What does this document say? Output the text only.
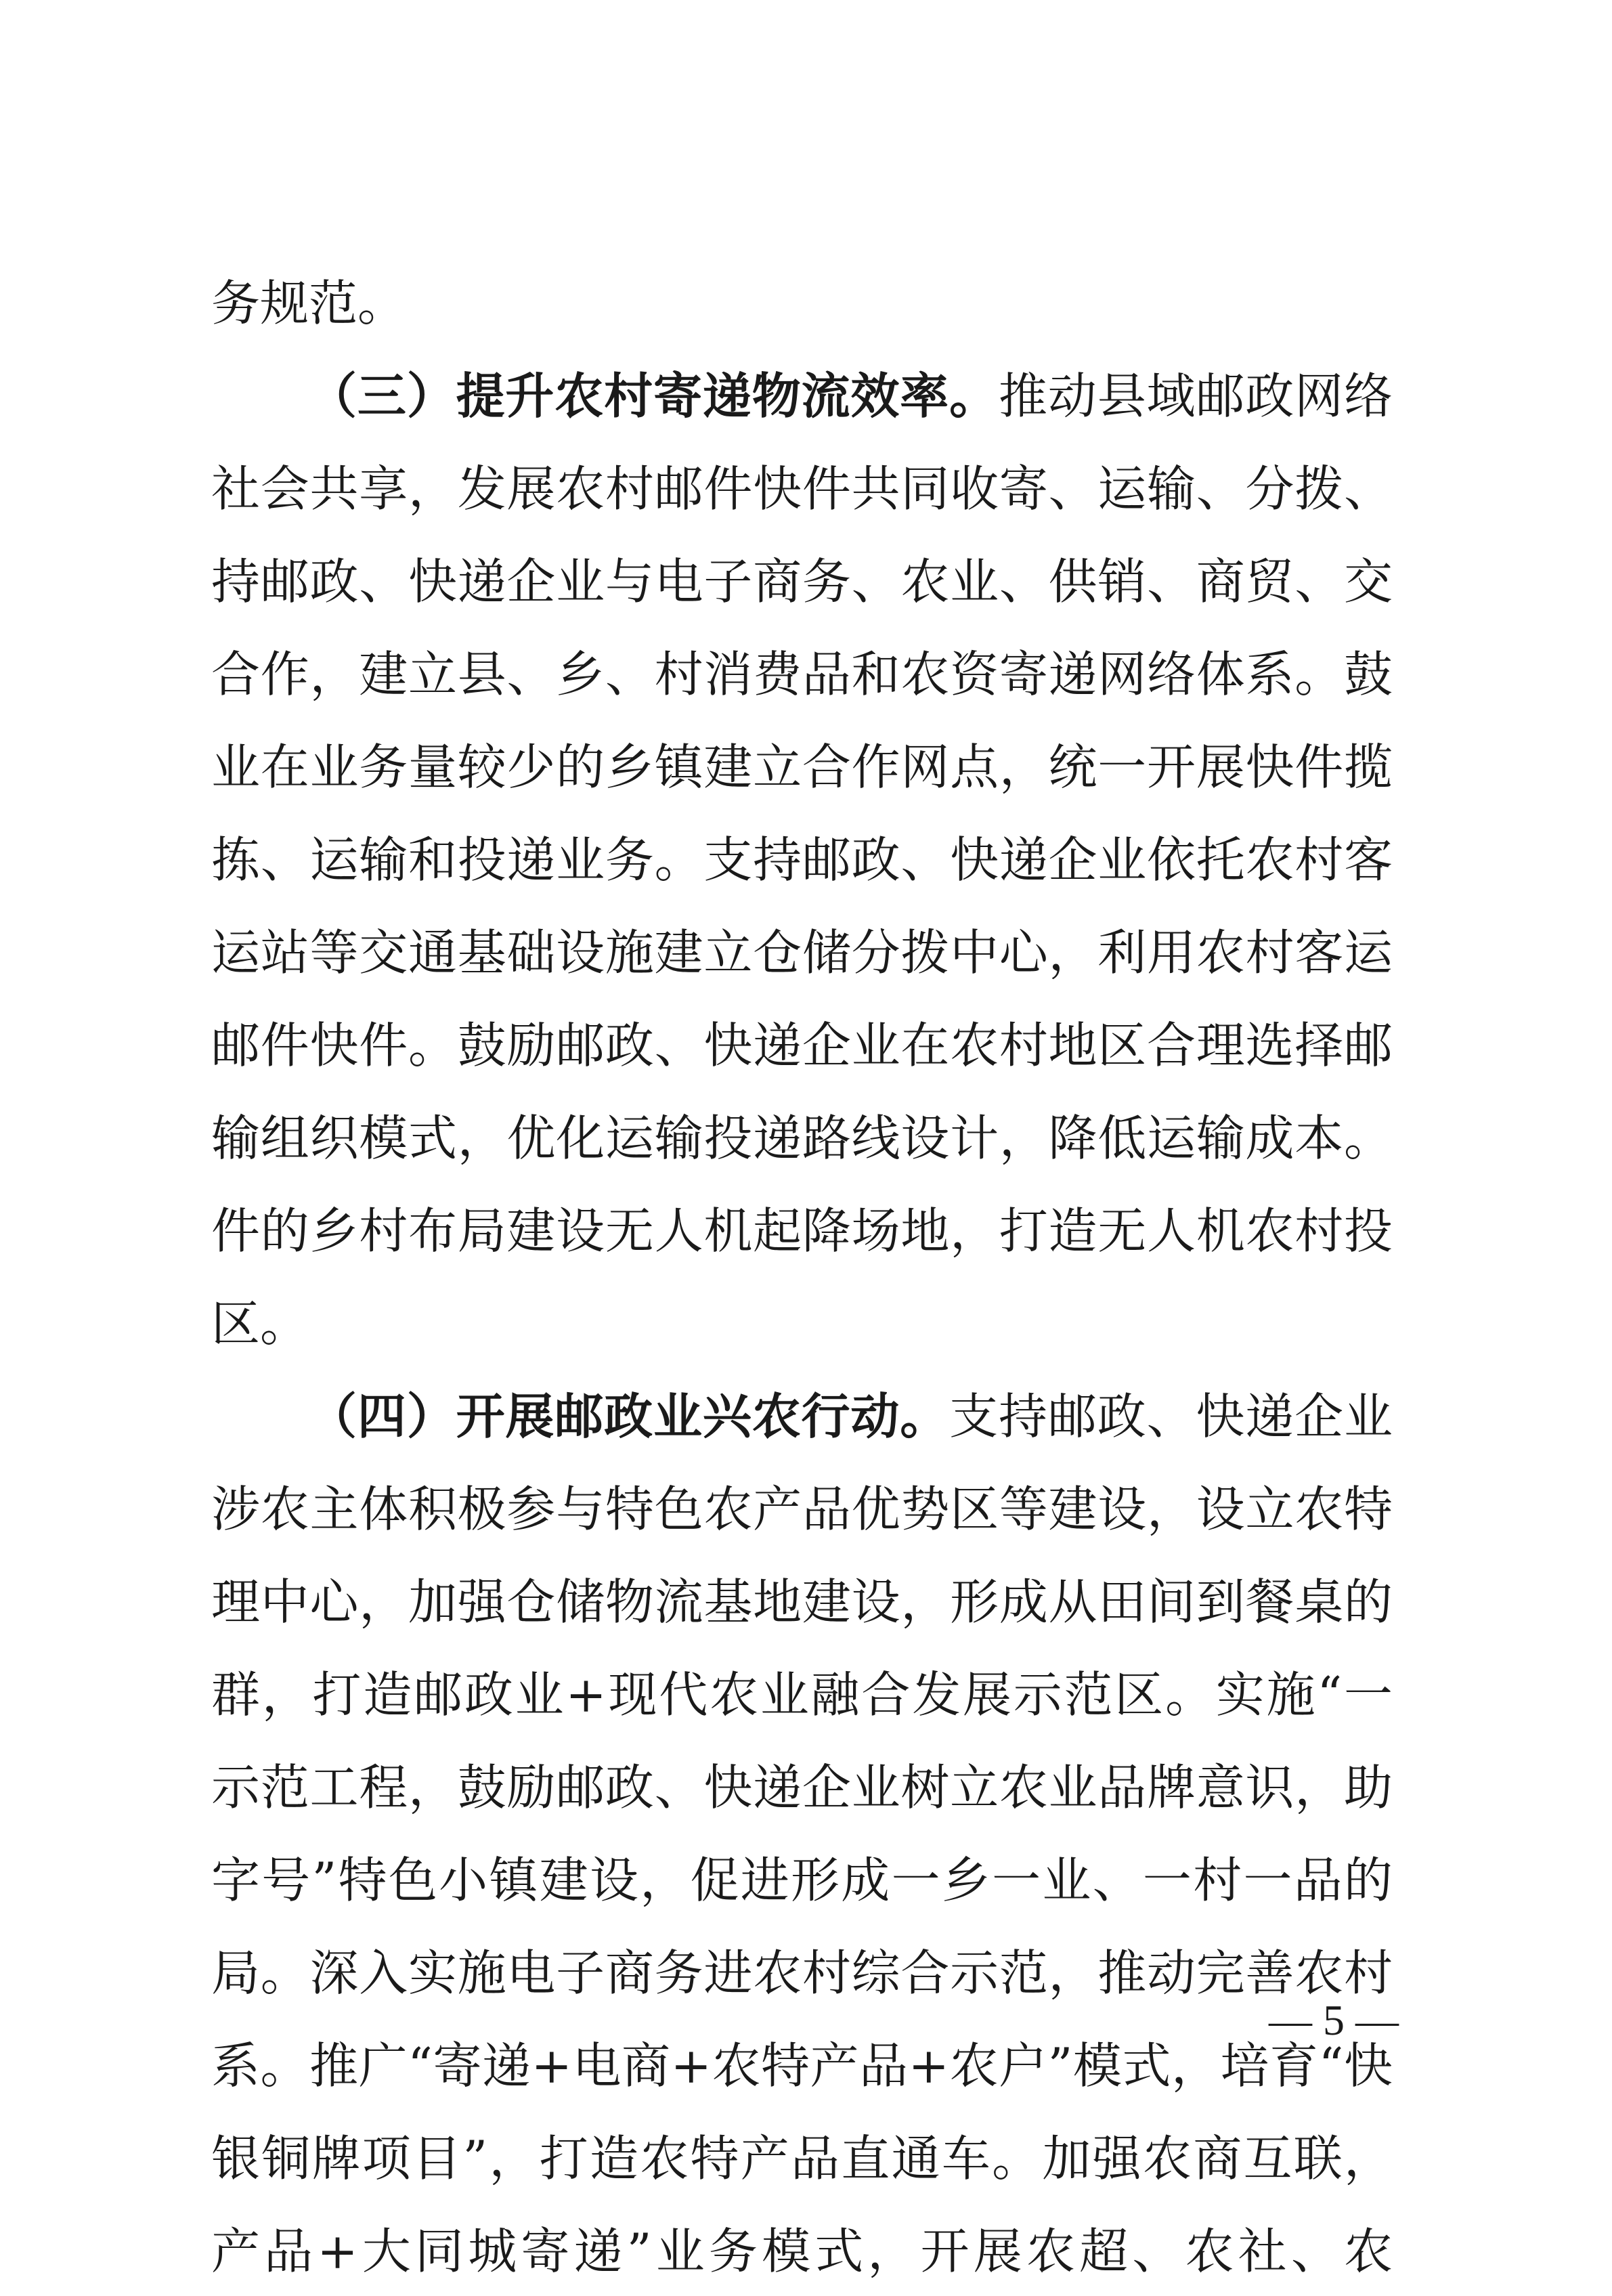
务规范。
（三）提升农村寄递物流效率。推动县域邮政网络
社会共享，发展农村邮件快件共同收寄、运输、分拨、
持邮政、快递企业与电子商务、农业、供销、商贸、交
合作，建立县、乡、村消费品和农资寄递网络体系。鼓
业在业务量较少的乡镇建立合作网点，统一开展快件揽
拣、运输和投递业务。支持邮政、快递企业依托农村客
运站等交通基础设施建立仓储分拨中心，利用农村客运
邮件快件。鼓励邮政、快递企业在农村地区合理选择邮
输组织模式，优化运输投递路线设计，降低运输成本。
件的乡村布局建设无人机起降场地，打造无人机农村投
区。
（四）开展邮政业兴农行动。支持邮政、快递企业
涉农主体积极参与特色农产品优势区等建设，设立农特
理中心，加强仓储物流基地建设，形成从田间到餐桌的
群，打造邮政业+现代农业融合发展示范区。实施“一
示范工程，鼓励邮政、快递企业树立农业品牌意识，助
字号”特色小镇建设，促进形成一乡一业、一村一品的
局。深入实施电子商务进农村综合示范，推动完善农村
系。推广“寄递+电商+农特产品+农户”模式，培育“快
银铜牌项目”，打造农特产品直通车。加强农商互联，
产品+大同城寄递”业务模式，开展农超、农社、农
— 5 —
